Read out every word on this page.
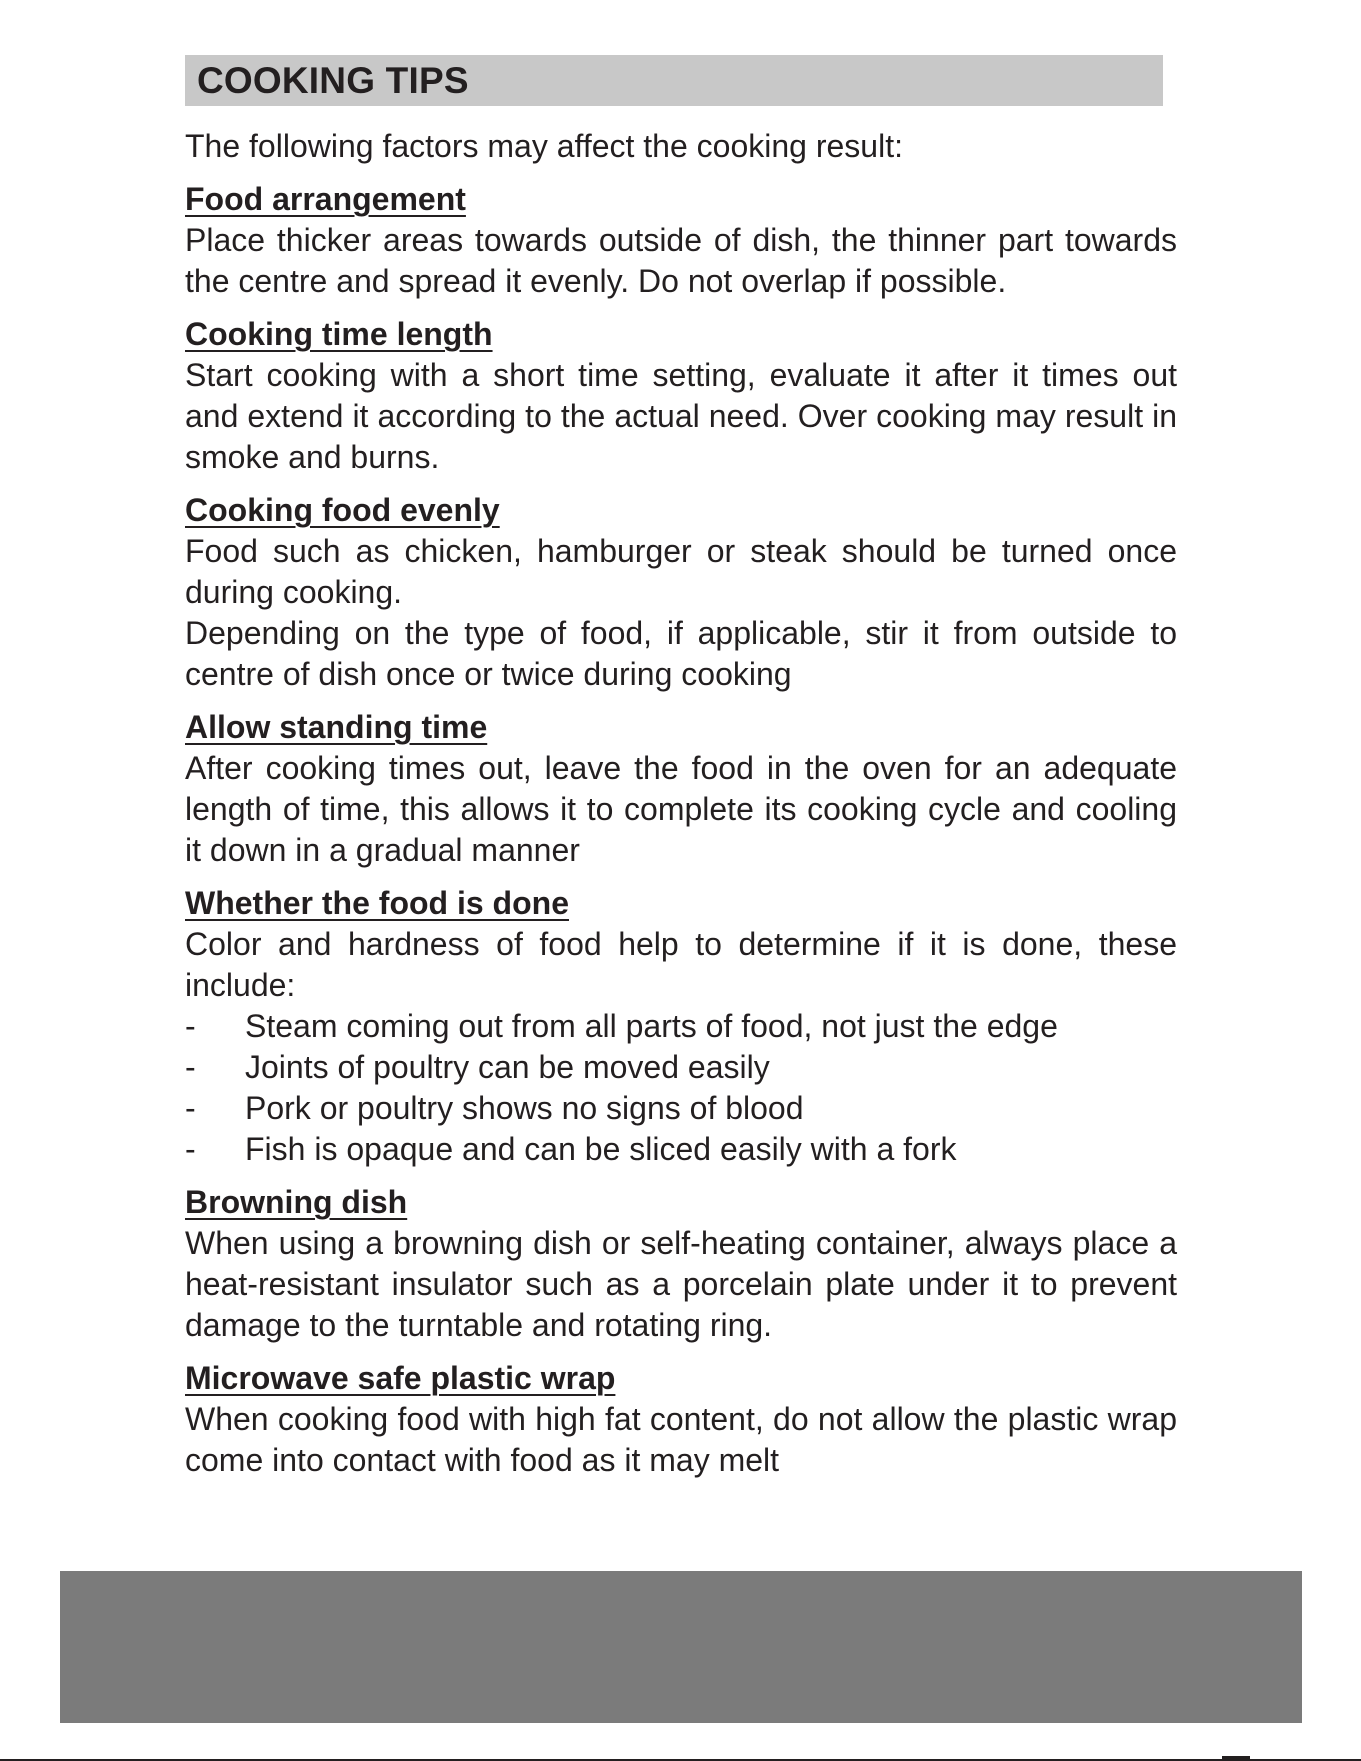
COOKING TIPS

The following factors may affect the cooking result:

Food arrangement

Place thicker areas towards outside of dish, the thinner part towards the centre and spread it evenly. Do not overlap if possible.

Cooking time length

Start cooking with a short time setting, evaluate it after it times out and extend it according to the actual need. Over cooking may result in smoke and burns.

Cooking food evenly

Food such as chicken, hamburger or steak should be turned once during cooking.

Depending on the type of food, if applicable, stir it from outside to centre of dish once or twice during cooking

Allow standing time

After cooking times out, leave the food in the oven for an adequate length of time, this allows it to complete its cooking cycle and cooling it down in a gradual manner

Whether the food is done

Color and hardness of food help to determine if it is done, these include:

- Steam coming out from all parts of food, not just the edge
- Joints of poultry can be moved easily
- Pork or poultry shows no signs of blood
- Fish is opaque and can be sliced easily with a fork
Browning dish

When using a browning dish or self-heating container, always place a heat-resistant insulator such as a porcelain plate under it to prevent damage to the turntable and rotating ring.

Microwave safe plastic wrap

When cooking food with high fat content, do not allow the plastic wrap come into contact with food as it may melt
